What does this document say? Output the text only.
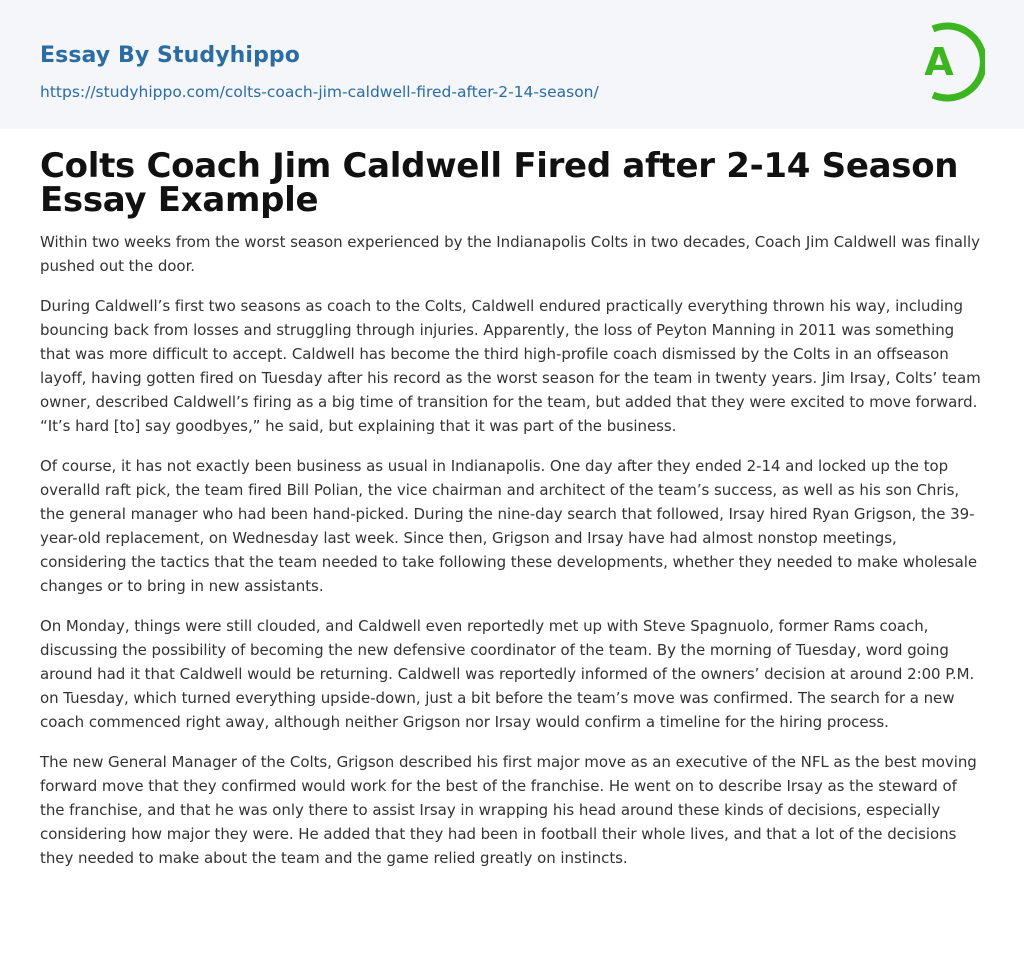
Essay By Studyhippo
https://studyhippo.com/colts-coach-jim-caldwell-fired-after-2-14-season/
A
Colts Coach Jim Caldwell Fired after 2-14 Season Essay Example

Within two weeks from the worst season experienced by the Indianapolis Colts in two decades, Coach Jim Caldwell was finally pushed out the door.

During Caldwell’s first two seasons as coach to the Colts, Caldwell endured practically everything thrown his way, including bouncing back from losses and struggling through injuries. Apparently, the loss of Peyton Manning in 2011 was something that was more difficult to accept. Caldwell has become the third high-profile coach dismissed by the Colts in an offseason layoff, having gotten fired on Tuesday after his record as the worst season for the team in twenty years. Jim Irsay, Colts’ team owner, described Caldwell’s firing as a big time of transition for the team, but added that they were excited to move forward. “It’s hard [to] say goodbyes,” he said, but explaining that it was part of the business.

Of course, it has not exactly been business as usual in Indianapolis. One day after they ended 2-14 and locked up the top overalld raft pick, the team fired Bill Polian, the vice chairman and architect of the team’s success, as well as his son Chris, the general manager who had been hand-picked. During the nine-day search that followed, Irsay hired Ryan Grigson, the 39-year-old replacement, on Wednesday last week. Since then, Grigson and Irsay have had almost nonstop meetings, considering the tactics that the team needed to take following these developments, whether they needed to make wholesale changes or to bring in new assistants.

On Monday, things were still clouded, and Caldwell even reportedly met up with Steve Spagnuolo, former Rams coach, discussing the possibility of becoming the new defensive coordinator of the team. By the morning of Tuesday, word going around had it that Caldwell would be returning. Caldwell was reportedly informed of the owners’ decision at around 2:00 P.M. on Tuesday, which turned everything upside-down, just a bit before the team’s move was confirmed. The search for a new coach commenced right away, although neither Grigson nor Irsay would confirm a timeline for the hiring process.

The new General Manager of the Colts, Grigson described his first major move as an executive of the NFL as the best moving forward move that they confirmed would work for the best of the franchise. He went on to describe Irsay as the steward of the franchise, and that he was only there to assist Irsay in wrapping his head around these kinds of decisions, especially considering how major they were. He added that they had been in football their whole lives, and that a lot of the decisions they needed to make about the team and the game relied greatly on instincts.
